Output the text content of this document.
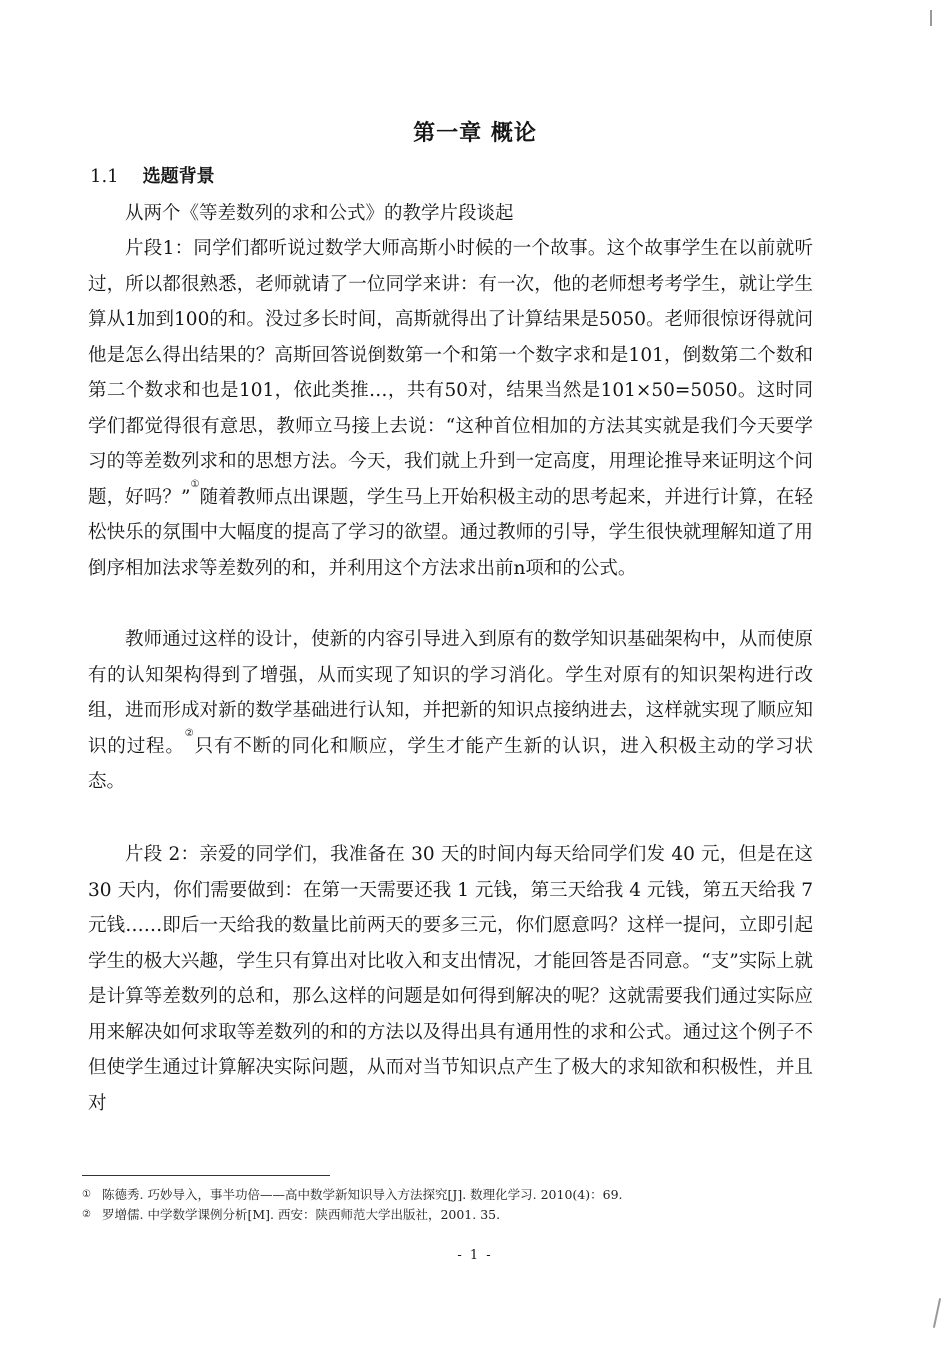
第一章 概论
1.1 选题背景

从两个《等差数列的求和公式》的教学片段谈起

片段1：同学们都听说过数学大师高斯小时候的一个故事。这个故事学生在以前就听过，所以都很熟悉，老师就请了一位同学来讲：有一次，他的老师想考考学生，就让学生算从1加到100的和。没过多长时间，高斯就得出了计算结果是5050。老师很惊讶得就问他是怎么得出结果的？高斯回答说倒数第一个和第一个数字求和是101，倒数第二个数和第二个数求和也是101，依此类推…，共有50对，结果当然是101×50=5050。这时同学们都觉得很有意思，教师立马接上去说：“这种首位相加的方法其实就是我们今天要学习的等差数列求和的思想方法。今天，我们就上升到一定高度，用理论推导来证明这个问题，好吗？”①随着教师点出课题，学生马上开始积极主动的思考起来，并进行计算，在轻松快乐的氛围中大幅度的提高了学习的欲望。通过教师的引导，学生很快就理解知道了用倒序相加法求等差数列的和，并利用这个方法求出前n项和的公式。

教师通过这样的设计，使新的内容引导进入到原有的数学知识基础架构中，从而使原有的认知架构得到了增强，从而实现了知识的学习消化。学生对原有的知识架构进行改组，进而形成对新的数学基础进行认知，并把新的知识点接纳进去，这样就实现了顺应知识的过程。②只有不断的同化和顺应，学生才能产生新的认识，进入积极主动的学习状态。

片段 2：亲爱的同学们，我准备在 30 天的时间内每天给同学们发 40 元，但是在这 30 天内，你们需要做到：在第一天需要还我 1 元钱，第三天给我 4 元钱，第五天给我 7 元钱……即后一天给我的数量比前两天的要多三元，你们愿意吗？这样一提问，立即引起学生的极大兴趣，学生只有算出对比收入和支出情况，才能回答是否同意。“支”实际上就是计算等差数列的总和，那么这样的问题是如何得到解决的呢？这就需要我们通过实际应用来解决如何求取等差数列的和的方法以及得出具有通用性的求和公式。通过这个例子不但使学生通过计算解决实际问题，从而对当节知识点产生了极大的求知欲和积极性，并且对

① 陈德秀. 巧妙导入，事半功倍——高中数学新知识导入方法探究[J]. 数理化学习. 2010(4)：69.
② 罗增儒. 中学数学课例分析[M]. 西安：陕西师范大学出版社，2001. 35.
- 1 -
